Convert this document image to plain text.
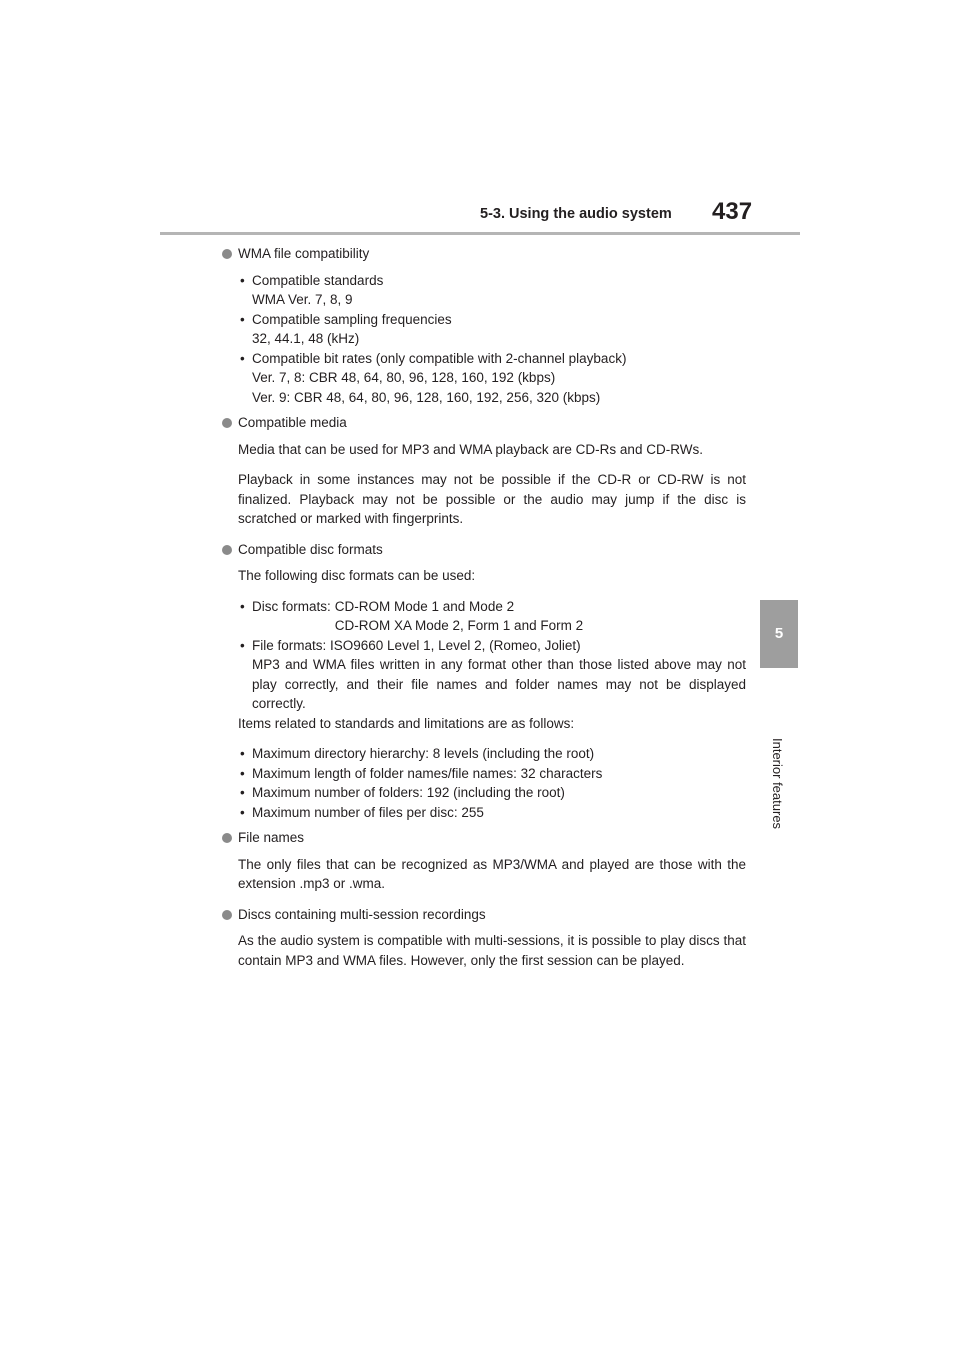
5-3. Using the audio system 437
5
Interior features
WMA file compatibility
• Compatible standards
WMA Ver. 7, 8, 9
• Compatible sampling frequencies
32, 44.1, 48 (kHz)
• Compatible bit rates (only compatible with 2-channel playback)
Ver. 7, 8: CBR 48, 64, 80, 96, 128, 160, 192 (kbps)
Ver. 9: CBR 48, 64, 80, 96, 128, 160, 192, 256, 320 (kbps)
Compatible media

Media that can be used for MP3 and WMA playback are CD-Rs and CD-RWs.

Playback in some instances may not be possible if the CD-R or CD-RW is not finalized. Playback may not be possible or the audio may jump if the disc is scratched or marked with fingerprints.

Compatible disc formats

The following disc formats can be used:

• Disc formats: CD-ROM Mode 1 and Mode 2
CD-ROM XA Mode 2, Form 1 and Form 2
• File formats: ISO9660 Level 1, Level 2, (Romeo, Joliet)
MP3 and WMA files written in any format other than those listed above may not play correctly, and their file names and folder names may not be displayed correctly.

Items related to standards and limitations are as follows:

• Maximum directory hierarchy: 8 levels (including the root)
• Maximum length of folder names/file names: 32 characters
• Maximum number of folders: 192 (including the root)
• Maximum number of files per disc: 255
File names

The only files that can be recognized as MP3/WMA and played are those with the extension .mp3 or .wma.

Discs containing multi-session recordings

As the audio system is compatible with multi-sessions, it is possible to play discs that contain MP3 and WMA files. However, only the first session can be played.
